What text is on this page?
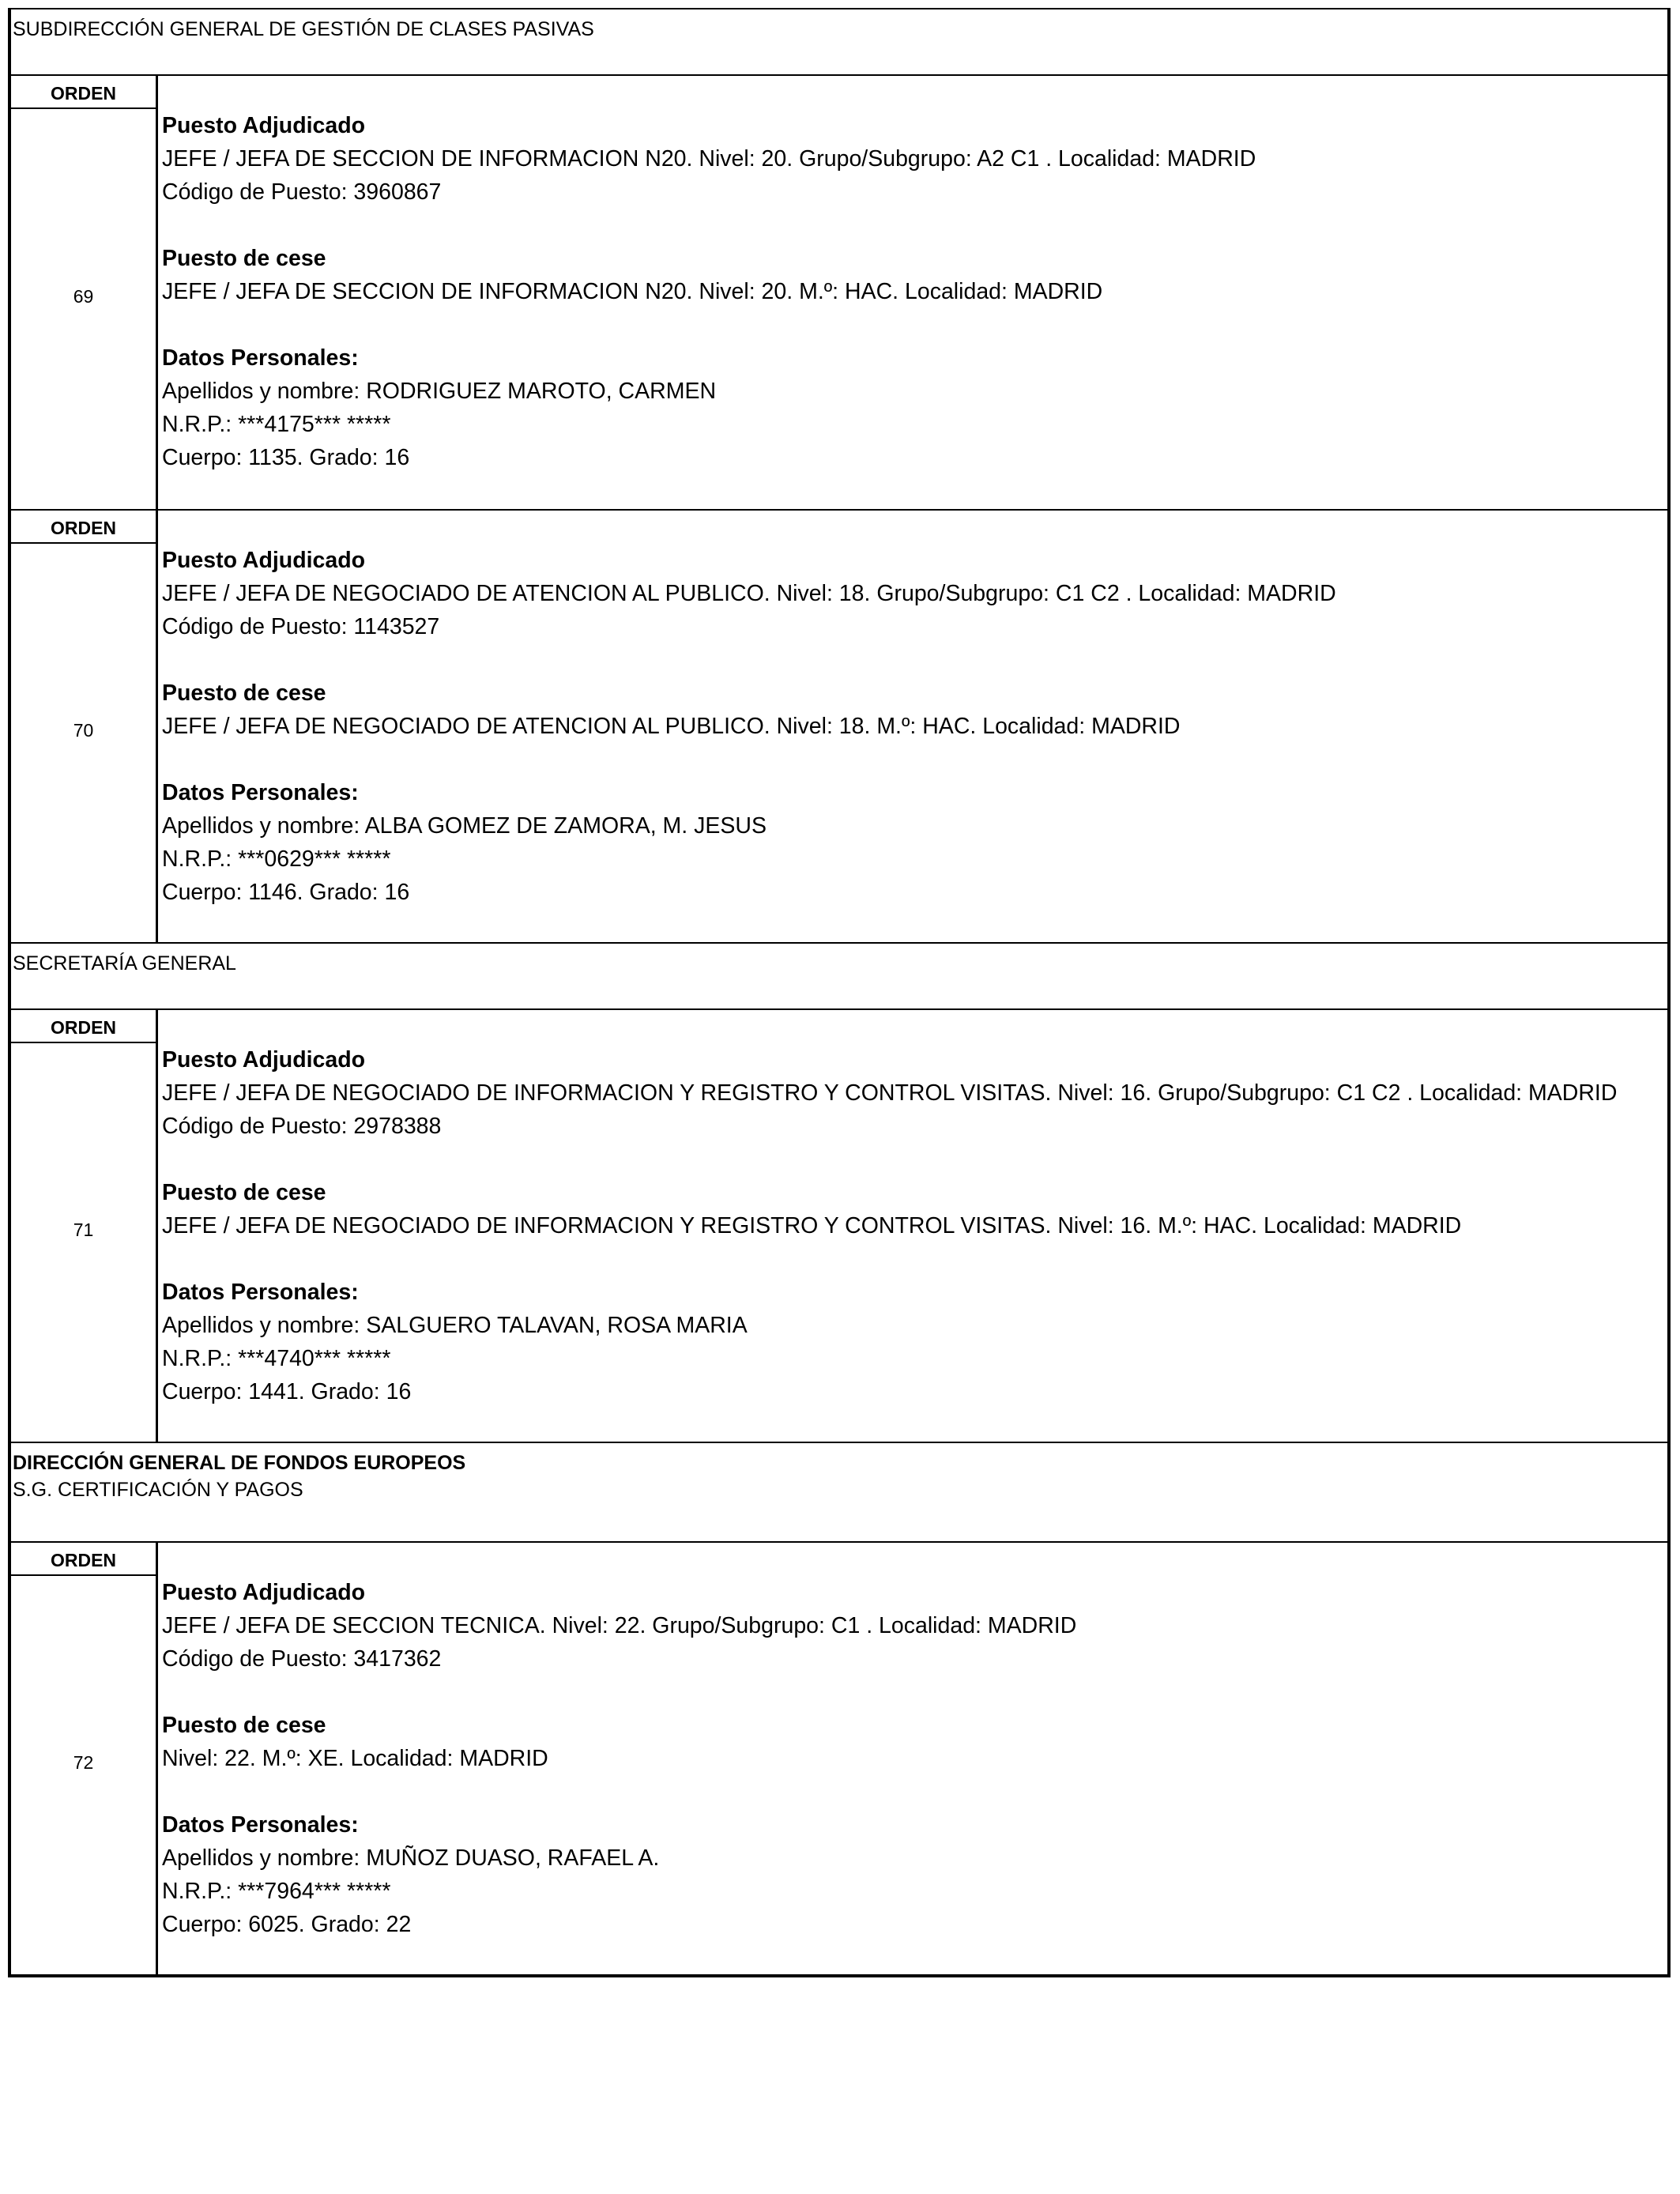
SUBDIRECCIÓN GENERAL DE GESTIÓN DE CLASES PASIVAS
ORDEN
69
Puesto Adjudicado
JEFE / JEFA DE SECCION DE INFORMACION N20. Nivel: 20. Grupo/Subgrupo: A2 C1 . Localidad: MADRID
Código de Puesto: 3960867
Puesto de cese
JEFE / JEFA DE SECCION DE INFORMACION N20. Nivel: 20. M.º: HAC. Localidad: MADRID
Datos Personales:
Apellidos y nombre: RODRIGUEZ MAROTO, CARMEN
N.R.P.: ***4175*** *****
Cuerpo: 1135. Grado: 16
ORDEN
70
Puesto Adjudicado
JEFE / JEFA DE NEGOCIADO DE ATENCION AL PUBLICO. Nivel: 18. Grupo/Subgrupo: C1 C2 . Localidad: MADRID
Código de Puesto: 1143527
Puesto de cese
JEFE / JEFA DE NEGOCIADO DE ATENCION AL PUBLICO. Nivel: 18. M.º: HAC. Localidad: MADRID
Datos Personales:
Apellidos y nombre: ALBA GOMEZ DE ZAMORA, M. JESUS
N.R.P.: ***0629*** *****
Cuerpo: 1146. Grado: 16
SECRETARÍA GENERAL
ORDEN
71
Puesto Adjudicado
JEFE / JEFA DE NEGOCIADO DE INFORMACION Y REGISTRO Y CONTROL VISITAS. Nivel: 16. Grupo/Subgrupo: C1 C2 . Localidad: MADRID
Código de Puesto: 2978388
Puesto de cese
JEFE / JEFA DE NEGOCIADO DE INFORMACION Y REGISTRO Y CONTROL VISITAS. Nivel: 16. M.º: HAC. Localidad: MADRID
Datos Personales:
Apellidos y nombre: SALGUERO TALAVAN, ROSA MARIA
N.R.P.: ***4740*** *****
Cuerpo: 1441. Grado: 16
DIRECCIÓN GENERAL DE FONDOS EUROPEOS
S.G. CERTIFICACIÓN Y PAGOS
ORDEN
72
Puesto Adjudicado
JEFE / JEFA DE SECCION TECNICA. Nivel: 22. Grupo/Subgrupo: C1 . Localidad: MADRID
Código de Puesto: 3417362
Puesto de cese
Nivel: 22. M.º: XE. Localidad: MADRID
Datos Personales:
Apellidos y nombre: MUÑOZ DUASO, RAFAEL A.
N.R.P.: ***7964*** *****
Cuerpo: 6025. Grado: 22
